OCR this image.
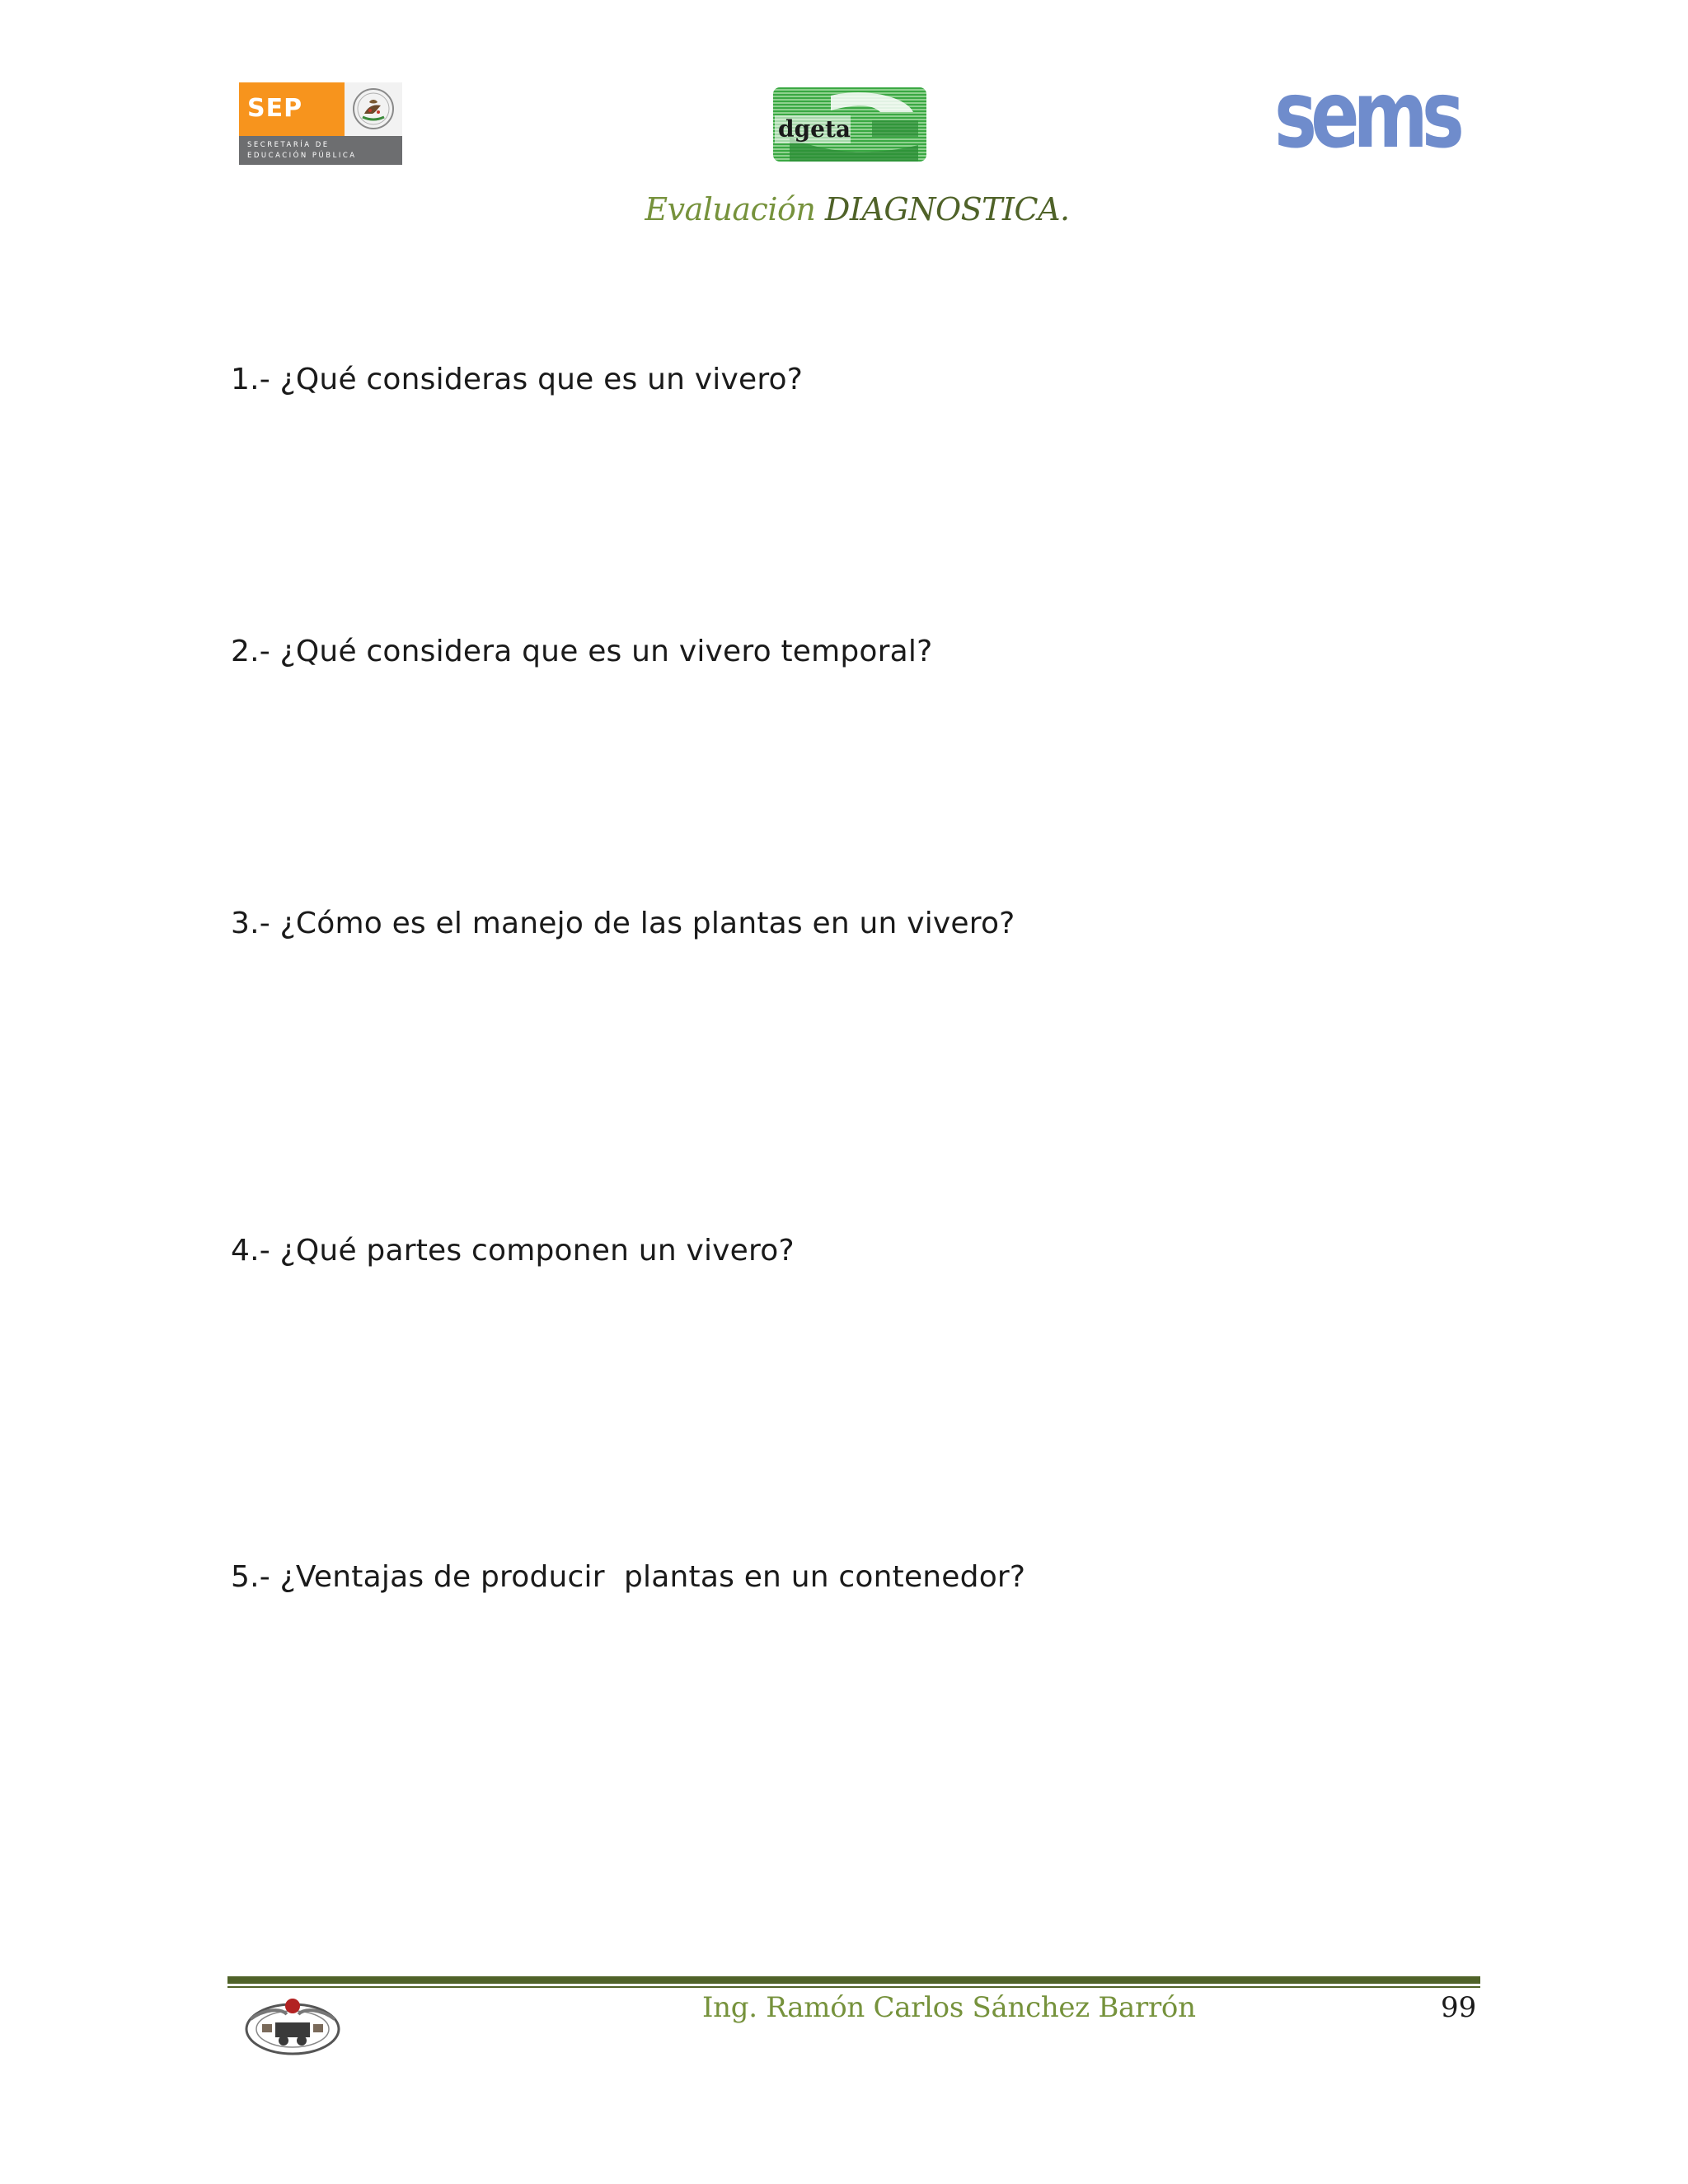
SEP
SECRETARÍA DE
EDUCACIÓN PÚBLICA
dgeta	sems
Evaluación DIAGNOSTICA.
1.- ¿Qué consideras que es un vivero?
2.- ¿Qué considera que es un vivero temporal?
3.- ¿Cómo es el manejo de las plantas en un vivero?
4.- ¿Qué partes componen un vivero?
5.- ¿Ventajas de producir  plantas en un contenedor?
Ing. Ramón Carlos Sánchez Barrón	99
